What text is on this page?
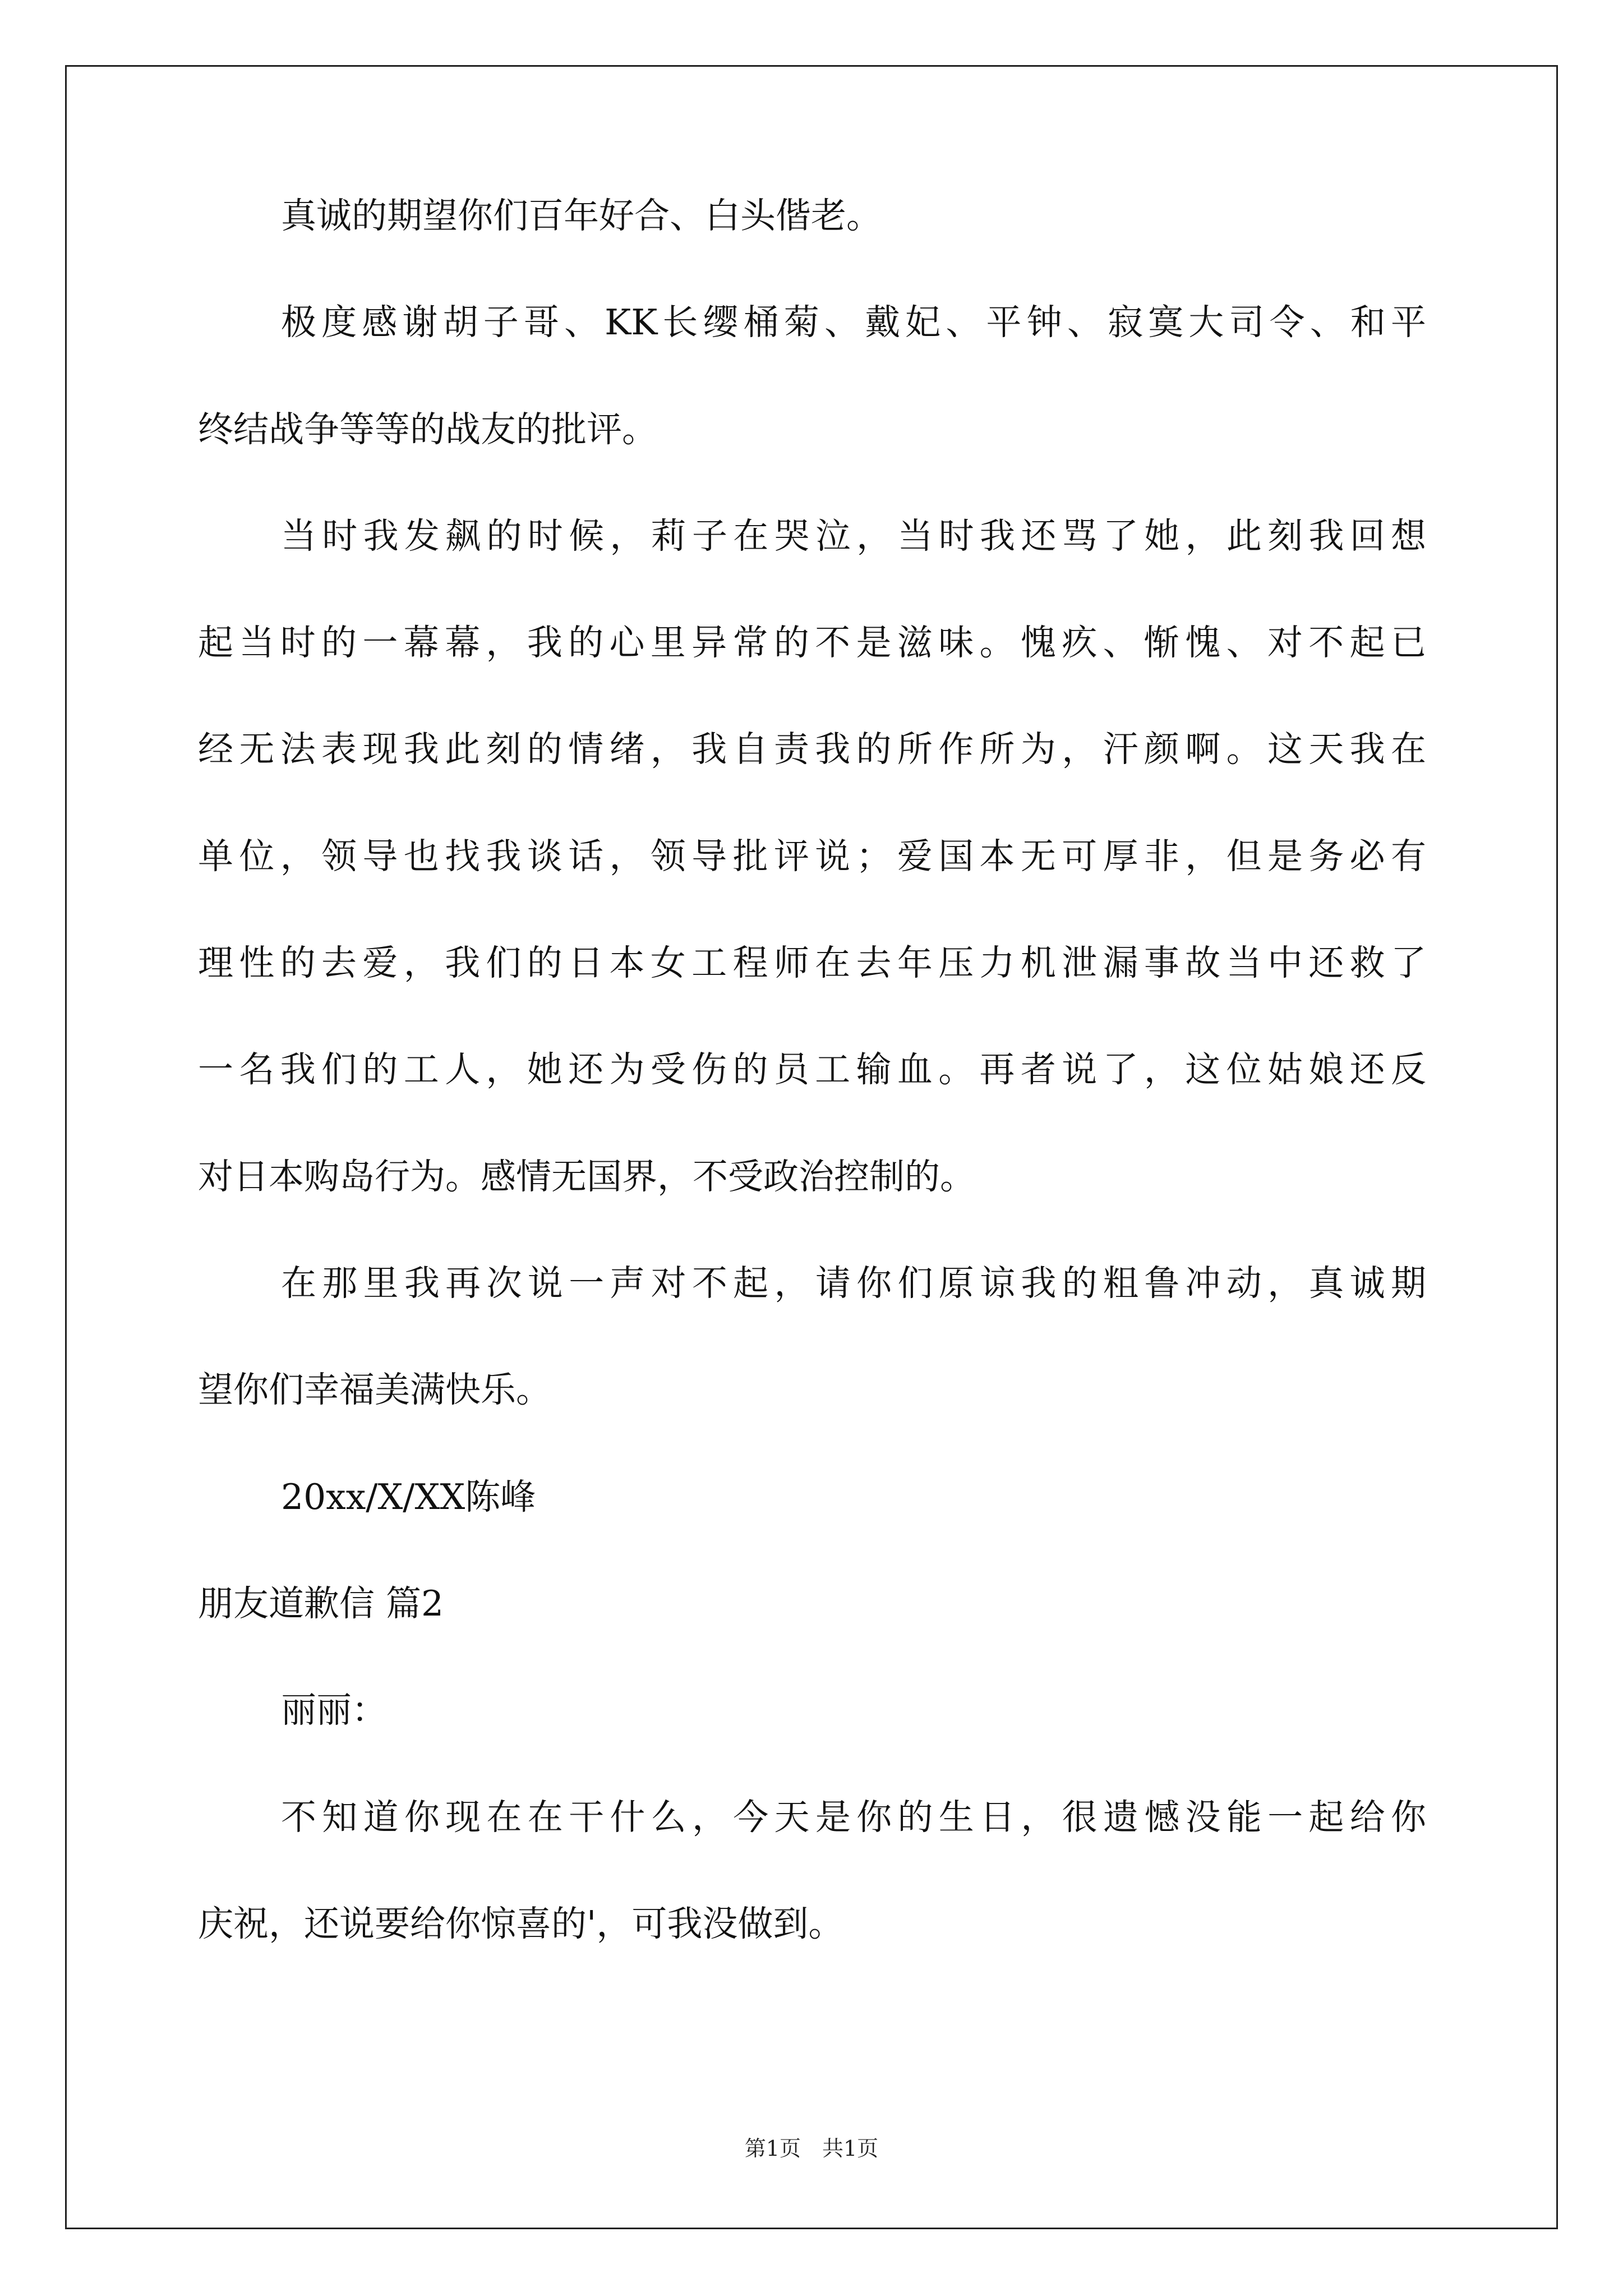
真诚的期望你们百年好合、白头偕老。
极度感谢胡子哥、KK长缨桶菊、戴妃、平钟、寂寞大司令、和平
终结战争等等的战友的批评。
当时我发飙的时候，莉子在哭泣，当时我还骂了她，此刻我回想
起当时的一幕幕，我的心里异常的不是滋味。愧疚、惭愧、对不起已
经无法表现我此刻的情绪，我自责我的所作所为，汗颜啊。这天我在
单位，领导也找我谈话，领导批评说；爱国本无可厚非，但是务必有
理性的去爱，我们的日本女工程师在去年压力机泄漏事故当中还救了
一名我们的工人，她还为受伤的员工输血。再者说了，这位姑娘还反
对日本购岛行为。感情无国界，不受政治控制的。
在那里我再次说一声对不起，请你们原谅我的粗鲁冲动，真诚期
望你们幸福美满快乐。
20xx/X/XX陈峰
朋友道歉信 篇2
丽丽：
不知道你现在在干什么，今天是你的生日，很遗憾没能一起给你
庆祝，还说要给你惊喜的'，可我没做到。
第1页　共1页
